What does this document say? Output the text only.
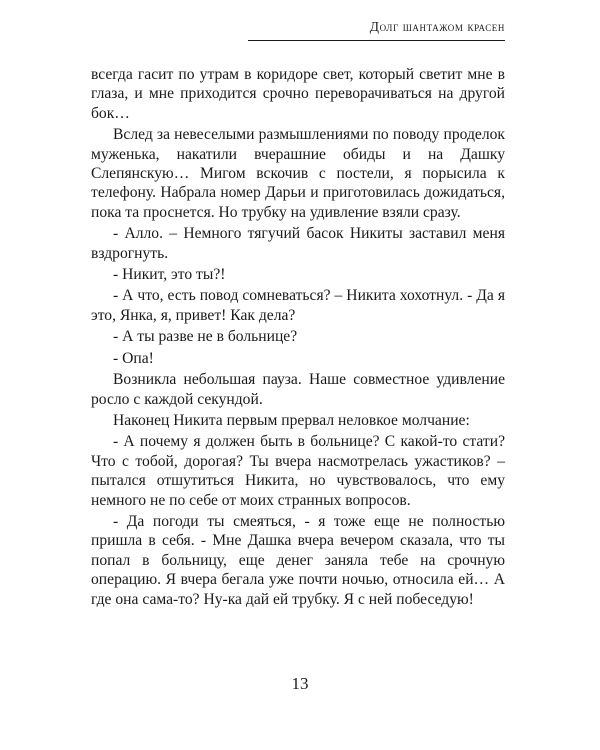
Долг шантажом красен

всегда гасит по утрам в коридоре свет, который светит мне в глаза, и мне приходится срочно переворачиваться на другой бок…

Вслед за невеселыми размышлениями по поводу проделок муженька, накатили вчерашние обиды и на Дашку Слепянскую… Мигом вскочив с постели, я порысила к телефону. Набрала номер Дарьи и приготовилась дожидаться, пока та проснется. Но трубку на удивление взяли сразу.

- Алло. – Немного тягучий басок Никиты заставил меня вздрогнуть.

- Никит, это ты?!

- А что, есть повод сомневаться? – Никита хохотнул. - Да я это, Янка, я, привет! Как дела?

- А ты разве не в больнице?

- Опа!

Возникла небольшая пауза. Наше совместное удивление росло с каждой секундой.

Наконец Никита первым прервал неловкое молчание:

- А почему я должен быть в больнице? С какой-то стати? Что с тобой, дорогая? Ты вчера насмотрелась ужастиков? – пытался отшутиться Никита, но чувствовалось, что ему немного не по себе от моих странных вопросов.

- Да погоди ты смеяться, - я тоже еще не полностью пришла в себя. - Мне Дашка вчера вечером сказала, что ты попал в больницу, еще денег заняла тебе на срочную операцию. Я вчера бегала уже почти ночью, относила ей… А где она сама-то? Ну-ка дай ей трубку. Я с ней побеседую!

13
